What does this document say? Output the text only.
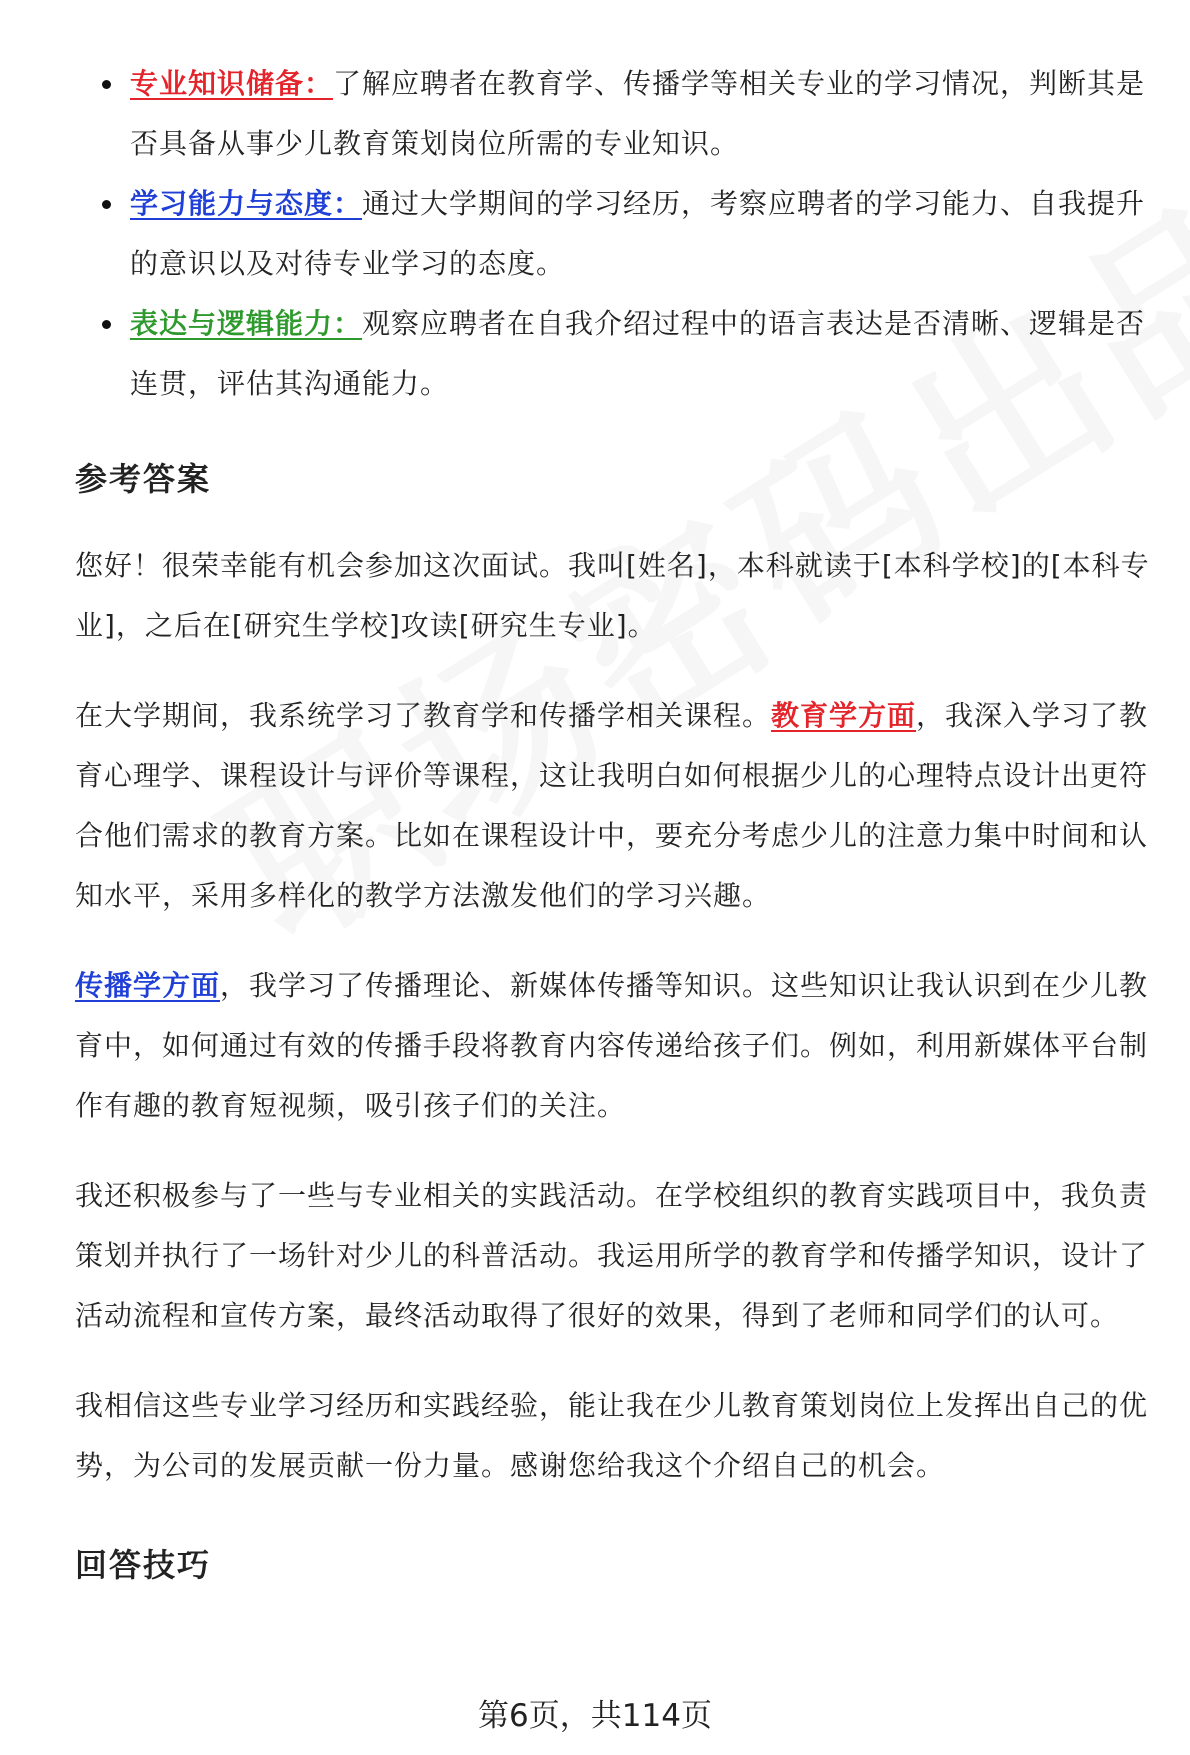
专业知识储备：了解应聘者在教育学、传播学等相关专业的学习情况，判断其是否具备从事少儿教育策划岗位所需的专业知识。
学习能力与态度：通过大学期间的学习经历，考察应聘者的学习能力、自我提升的意识以及对待专业学习的态度。
表达与逻辑能力：观察应聘者在自我介绍过程中的语言表达是否清晰、逻辑是否连贯，评估其沟通能力。
参考答案

您好！很荣幸能有机会参加这次面试。我叫[姓名]，本科就读于[本科学校]的[本科专业]，之后在[研究生学校]攻读[研究生专业]。

在大学期间，我系统学习了教育学和传播学相关课程。教育学方面，我深入学习了教育心理学、课程设计与评价等课程，这让我明白如何根据少儿的心理特点设计出更符合他们需求的教育方案。比如在课程设计中，要充分考虑少儿的注意力集中时间和认知水平，采用多样化的教学方法激发他们的学习兴趣。

传播学方面，我学习了传播理论、新媒体传播等知识。这些知识让我认识到在少儿教育中，如何通过有效的传播手段将教育内容传递给孩子们。例如，利用新媒体平台制作有趣的教育短视频，吸引孩子们的关注。

我还积极参与了一些与专业相关的实践活动。在学校组织的教育实践项目中，我负责策划并执行了一场针对少儿的科普活动。我运用所学的教育学和传播学知识，设计了活动流程和宣传方案，最终活动取得了很好的效果，得到了老师和同学们的认可。

我相信这些专业学习经历和实践经验，能让我在少儿教育策划岗位上发挥出自己的优势，为公司的发展贡献一份力量。感谢您给我这个介绍自己的机会。

回答技巧
第6页，共114页
